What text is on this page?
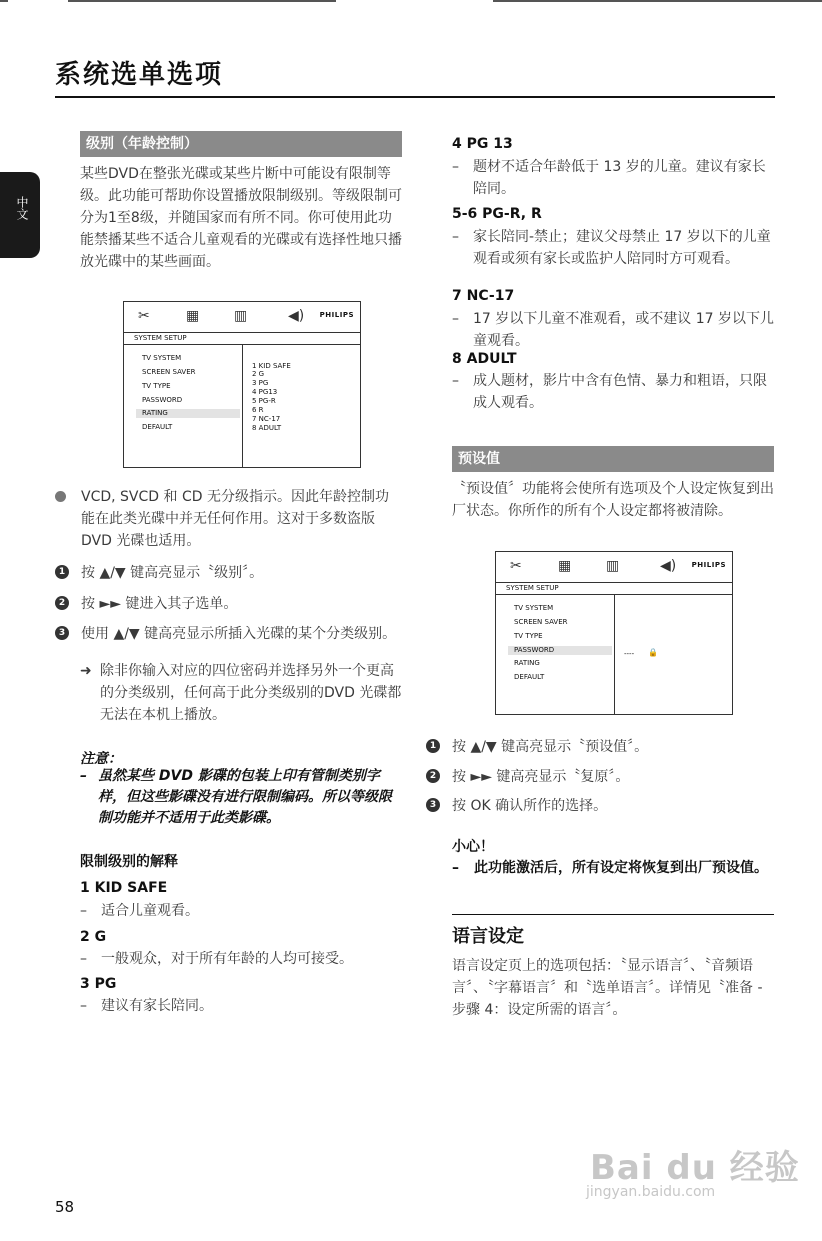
系统选单选项
中文
级别（年龄控制）
某些DVD在整张光碟或某些片断中可能设有限制等级。此功能可帮助你设置播放限制级别。等级限制可分为1至8级，并随国家而有所不同。你可使用此功能禁播某些不适合儿童观看的光碟或有选择性地只播放光碟中的某些画面。
✂	▦ ▥	◀) PHILIPS
SYSTEM SETUP
TV SYSTEM
SCREEN SAVER
TV TYPE
PASSWORD
RATING
DEFAULT
1 KID SAFE
2 G
3 PG
4 PG13
5 PG-R
6 R
7 NC-17
8 ADULT
VCD, SVCD 和 CD 无分级指示。因此年龄控制功能在此类光碟中并无任何作用。这对于多数盗版 DVD 光碟也适用。
1	按 ▲/▼ 键高亮显示〝级别〞。
2	按 ►► 键进入其子选单。
3	使用 ▲/▼ 键高亮显示所插入光碟的某个分类级别。
➜ 除非你输入对应的四位密码并选择另外一个更高的分类级别，任何高于此分类级别的DVD 光碟都无法在本机上播放。
注意：
– 虽然某些 DVD 影碟的包装上印有管制类别字样，但这些影碟没有进行限制编码。所以等级限制功能并不适用于此类影碟。
限制级别的解释
1 KID SAFE
–	适合儿童观看。
2 G
–	一般观众，对于所有年龄的人均可接受。
3 PG
–	建议有家长陪同。
4 PG 13
–	题材不适合年龄低于 13 岁的儿童。建议有家长陪同。
5-6 PG-R, R
–	家长陪同-禁止；建议父母禁止 17 岁以下的儿童观看或须有家长或监护人陪同时方可观看。
7 NC-17
–	17 岁以下儿童不准观看，或不建议 17 岁以下儿童观看。
8 ADULT
–	成人题材，影片中含有色情、暴力和粗语，只限成人观看。
预设值
〝预设值〞功能将会使所有选项及个人设定恢复到出厂状态。你所作的所有个人设定都将被清除。
✂	▦ ▥	◀) PHILIPS
SYSTEM SETUP
TV SYSTEM
SCREEN SAVER
TV TYPE
PASSWORD
RATING
DEFAULT
---- 🔒
1	按 ▲/▼ 键高亮显示〝预设值〞。
2	按 ►► 键高亮显示〝复原〞。
3	按 OK 确认所作的选择。
小心！
–	此功能激活后，所有设定将恢复到出厂预设值。
语言设定
语言设定页上的选项包括：〝显示语言〞、〝音频语言〞、〝字幕语言〞和〝选单语言〞。详情见〝准备 - 步骤 4：设定所需的语言〞。
58
Bai du 经验
jingyan.baidu.com
